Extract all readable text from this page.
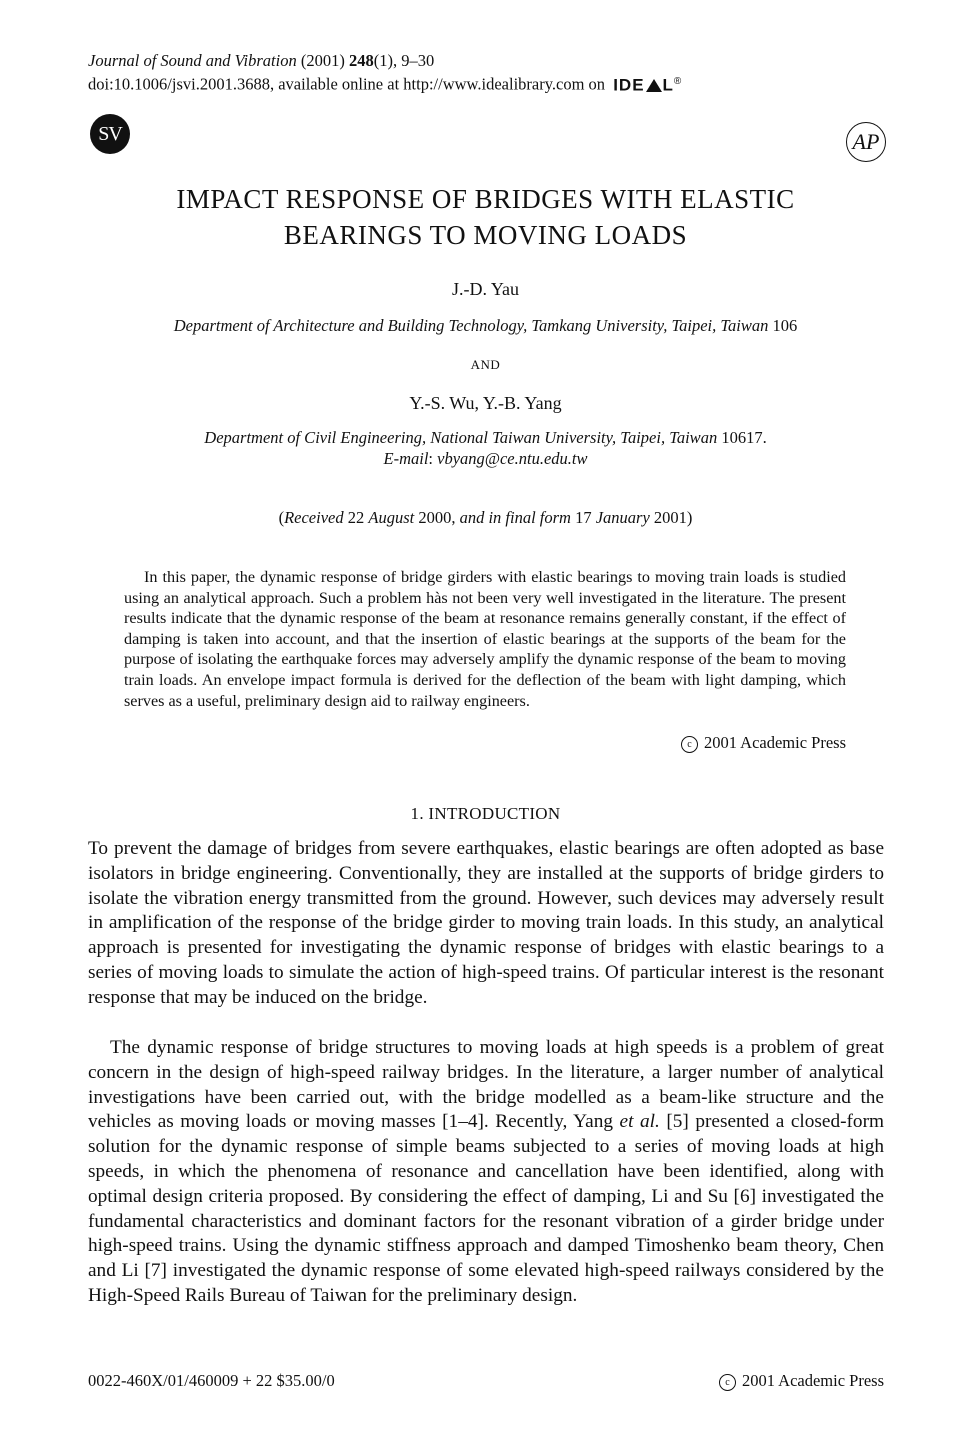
Journal of Sound and Vibration (2001) 248(1), 9–30
doi:10.1006/jsvi.2001.3688, available online at http://www.idealibrary.com on IDE L®
SV	AP
IMPACT RESPONSE OF BRIDGES WITH ELASTIC
BEARINGS TO MOVING LOADS
J.-D. Yau
Department of Architecture and Building Technology, Tamkang University, Taipei, Taiwan 106
AND
Y.-S. Wu, Y.-B. Yang
Department of Civil Engineering, National Taiwan University, Taipei, Taiwan 10617.
E-mail: vbyang@ce.ntu.edu.tw
(Received 22 August 2000, and in final form 17 January 2001)
In this paper, the dynamic response of bridge girders with elastic bearings to moving train loads is studied using an analytical approach. Such a problem hàs not been very well investigated in the literature. The present results indicate that the dynamic response of the beam at resonance remains generally constant, if the effect of damping is taken into account, and that the insertion of elastic bearings at the supports of the beam for the purpose of isolating the earthquake forces may adversely amplify the dynamic response of the beam to moving train loads. An envelope impact formula is derived for the deflection of the beam with light damping, which serves as a useful, preliminary design aid to railway engineers.
c 2001 Academic Press
1. INTRODUCTION
To prevent the damage of bridges from severe earthquakes, elastic bearings are often adopted as base isolators in bridge engineering. Conventionally, they are installed at the supports of bridge girders to isolate the vibration energy transmitted from the ground. However, such devices may adversely result in amplification of the response of the bridge girder to moving train loads. In this study, an analytical approach is presented for investigating the dynamic response of bridges with elastic bearings to a series of moving loads to simulate the action of high-speed trains. Of particular interest is the resonant response that may be induced on the bridge.
The dynamic response of bridge structures to moving loads at high speeds is a problem of great concern in the design of high-speed railway bridges. In the literature, a larger number of analytical investigations have been carried out, with the bridge modelled as a beam-like structure and the vehicles as moving loads or moving masses [1–4]. Recently, Yang et al. [5] presented a closed-form solution for the dynamic response of simple beams subjected to a series of moving loads at high speeds, in which the phenomena of resonance and cancellation have been identified, along with optimal design criteria proposed. By considering the effect of damping, Li and Su [6] investigated the fundamental characteristics and dominant factors for the resonant vibration of a girder bridge under high-speed trains. Using the dynamic stiffness approach and damped Timoshenko beam theory, Chen and Li [7] investigated the dynamic response of some elevated high-speed railways considered by the High-Speed Rails Bureau of Taiwan for the preliminary design.
0022-460X/01/460009 + 22 $35.00/0	c 2001 Academic Press
